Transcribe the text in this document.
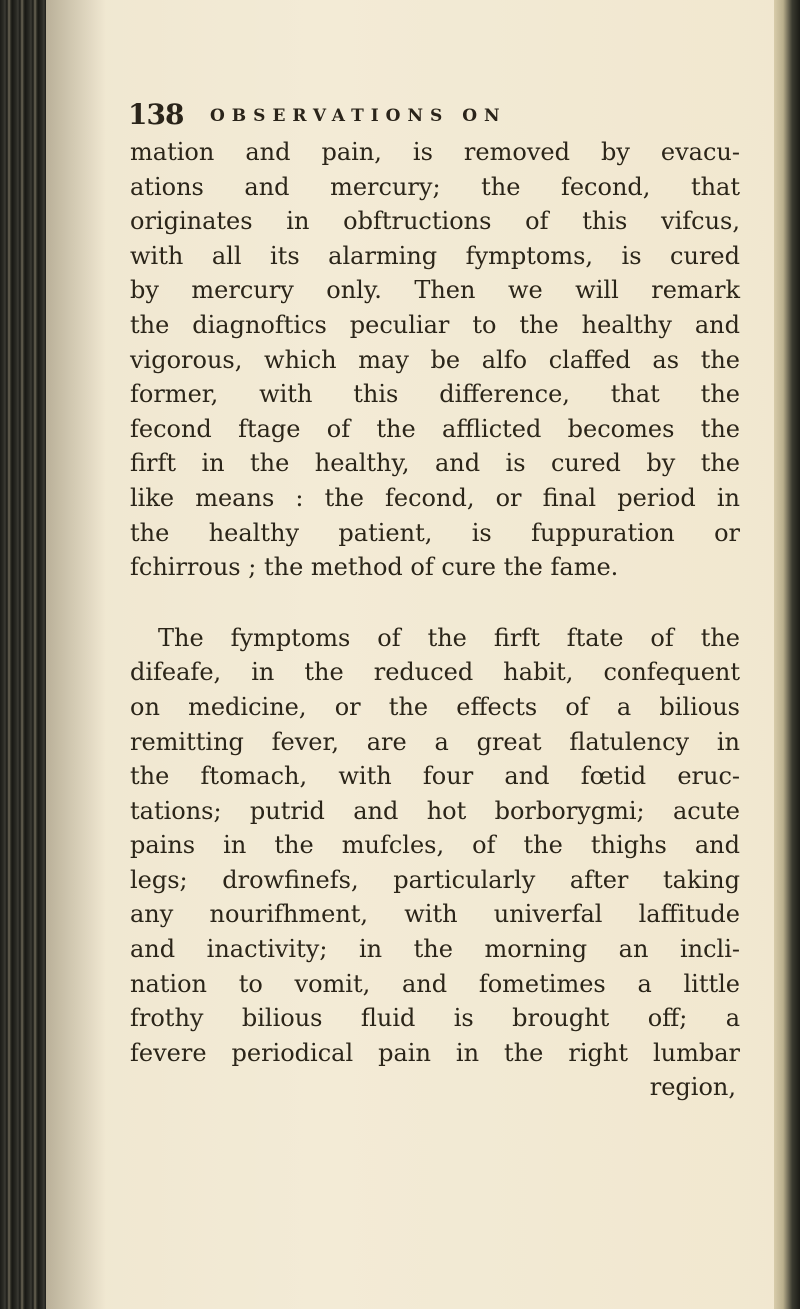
138 OBSERVATIONS ON
mation and pain, is removed by evacu-
ations and mercury; the fecond, that
originates in obftructions of this vifcus,
with all its alarming fymptoms, is cured
by mercury only. Then we will remark
the diagnoftics peculiar to the healthy and
vigorous, which may be alfo claffed as the
former, with this difference, that the
fecond ftage of the afflicted becomes the
firft in the healthy, and is cured by the
like means : the fecond, or final period in
the healthy patient, is fuppuration or
fchirrous ; the method of cure the fame.
The fymptoms of the firft ftate of the
difeafe, in the reduced habit, confequent
on medicine, or the effects of a bilious
remitting fever, are a great flatulency in
the ftomach, with four and fœtid eruc-
tations; putrid and hot borborygmi; acute
pains in the mufcles, of the thighs and
legs; drowfinefs, particularly after taking
any nourifhment, with univerfal laffitude
and inactivity; in the morning an incli-
nation to vomit, and fometimes a little
frothy bilious fluid is brought off; a
fevere periodical pain in the right lumbar
region,
